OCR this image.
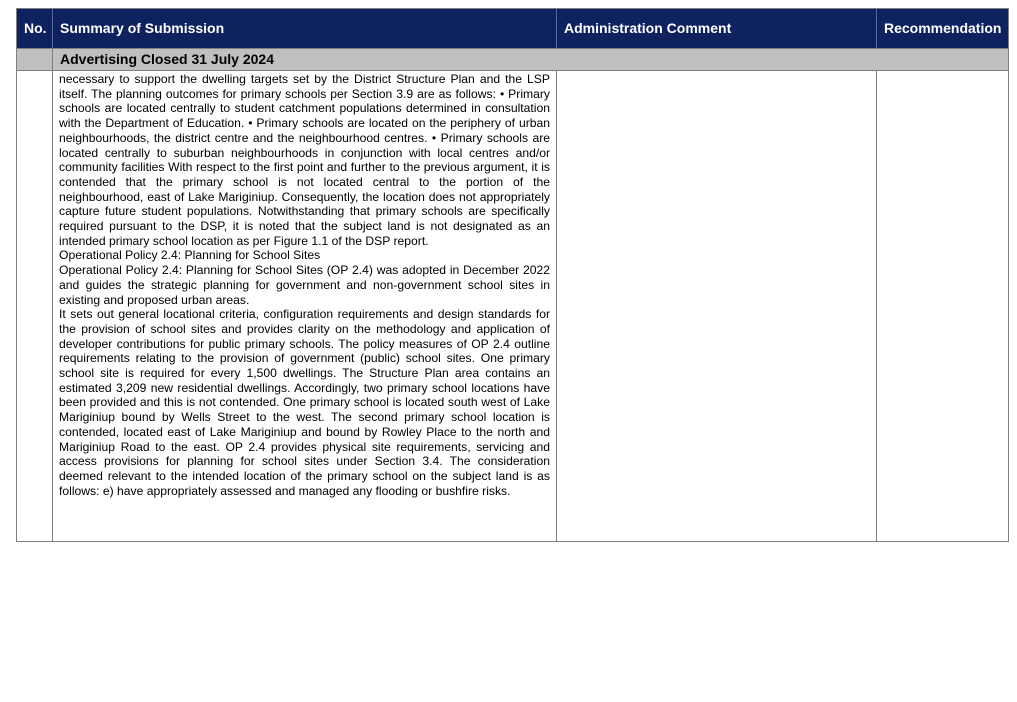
No. Summary of Submission	Administration Comment	Recommendation
Advertising Closed 31 July 2024

necessary to support the dwelling targets set by the District Structure Plan and the LSP itself. The planning outcomes for primary schools per Section 3.9 are as follows: • Primary schools are located centrally to student catchment populations determined in consultation with the Department of Education. • Primary schools are located on the periphery of urban neighbourhoods, the district centre and the neighbourhood centres. • Primary schools are located centrally to suburban neighbourhoods in conjunction with local centres and/or community facilities With respect to the first point and further to the previous argument, it is contended that the primary school is not located central to the portion of the neighbourhood, east of Lake Mariginiup. Consequently, the location does not appropriately capture future student populations. Notwithstanding that primary schools are specifically required pursuant to the DSP, it is noted that the subject land is not designated as an intended primary school location as per Figure 1.1 of the DSP report.

Operational Policy 2.4: Planning for School Sites

Operational Policy 2.4: Planning for School Sites (OP 2.4) was adopted in December 2022 and guides the strategic planning for government and non-government school sites in existing and proposed urban areas.

It sets out general locational criteria, configuration requirements and design standards for the provision of school sites and provides clarity on the methodology and application of developer contributions for public primary schools. The policy measures of OP 2.4 outline requirements relating to the provision of government (public) school sites. One primary school site is required for every 1,500 dwellings. The Structure Plan area contains an estimated 3,209 new residential dwellings. Accordingly, two primary school locations have been provided and this is not contended. One primary school is located south west of Lake Mariginiup bound by Wells Street to the west. The second primary school location is contended, located east of Lake Mariginiup and bound by Rowley Place to the north and Mariginiup Road to the east. OP 2.4 provides physical site requirements, servicing and access provisions for planning for school sites under Section 3.4. The consideration deemed relevant to the intended location of the primary school on the subject land is as follows: e) have appropriately assessed and managed any flooding or bushfire risks.
